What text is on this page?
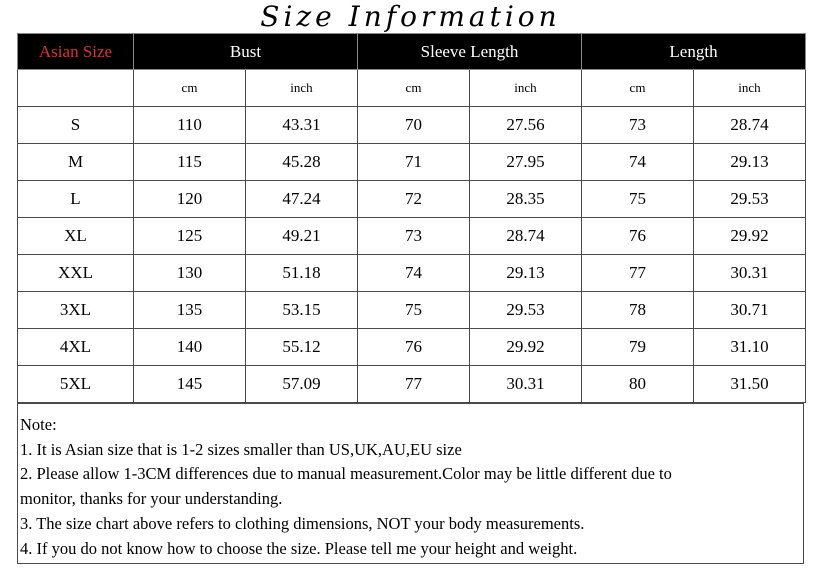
Size Information
Asian Size	Bust		Sleeve Length		Length	
	cm	inch	cm	inch	cm	inch
S	110	43.31	70	27.56	73	28.74
M	115	45.28	71	27.95	74	29.13
L	120	47.24	72	28.35	75	29.53
XL	125	49.21	73	28.74	76	29.92
XXL	130	51.18	74	29.13	77	30.31
3XL	135	53.15	75	29.53	78	30.71
4XL	140	55.12	76	29.92	79	31.10
5XL	145	57.09	77	30.31	80	31.50
Note:
1. It is Asian size that is 1-2 sizes smaller than US,UK,AU,EU size
2. Please allow 1-3CM differences due to manual measurement.Color may be little different due to
monitor, thanks for your understanding.
3. The size chart above refers to clothing dimensions, NOT your body measurements.
4. If you do not know how to choose the size. Please tell me your height and weight.
